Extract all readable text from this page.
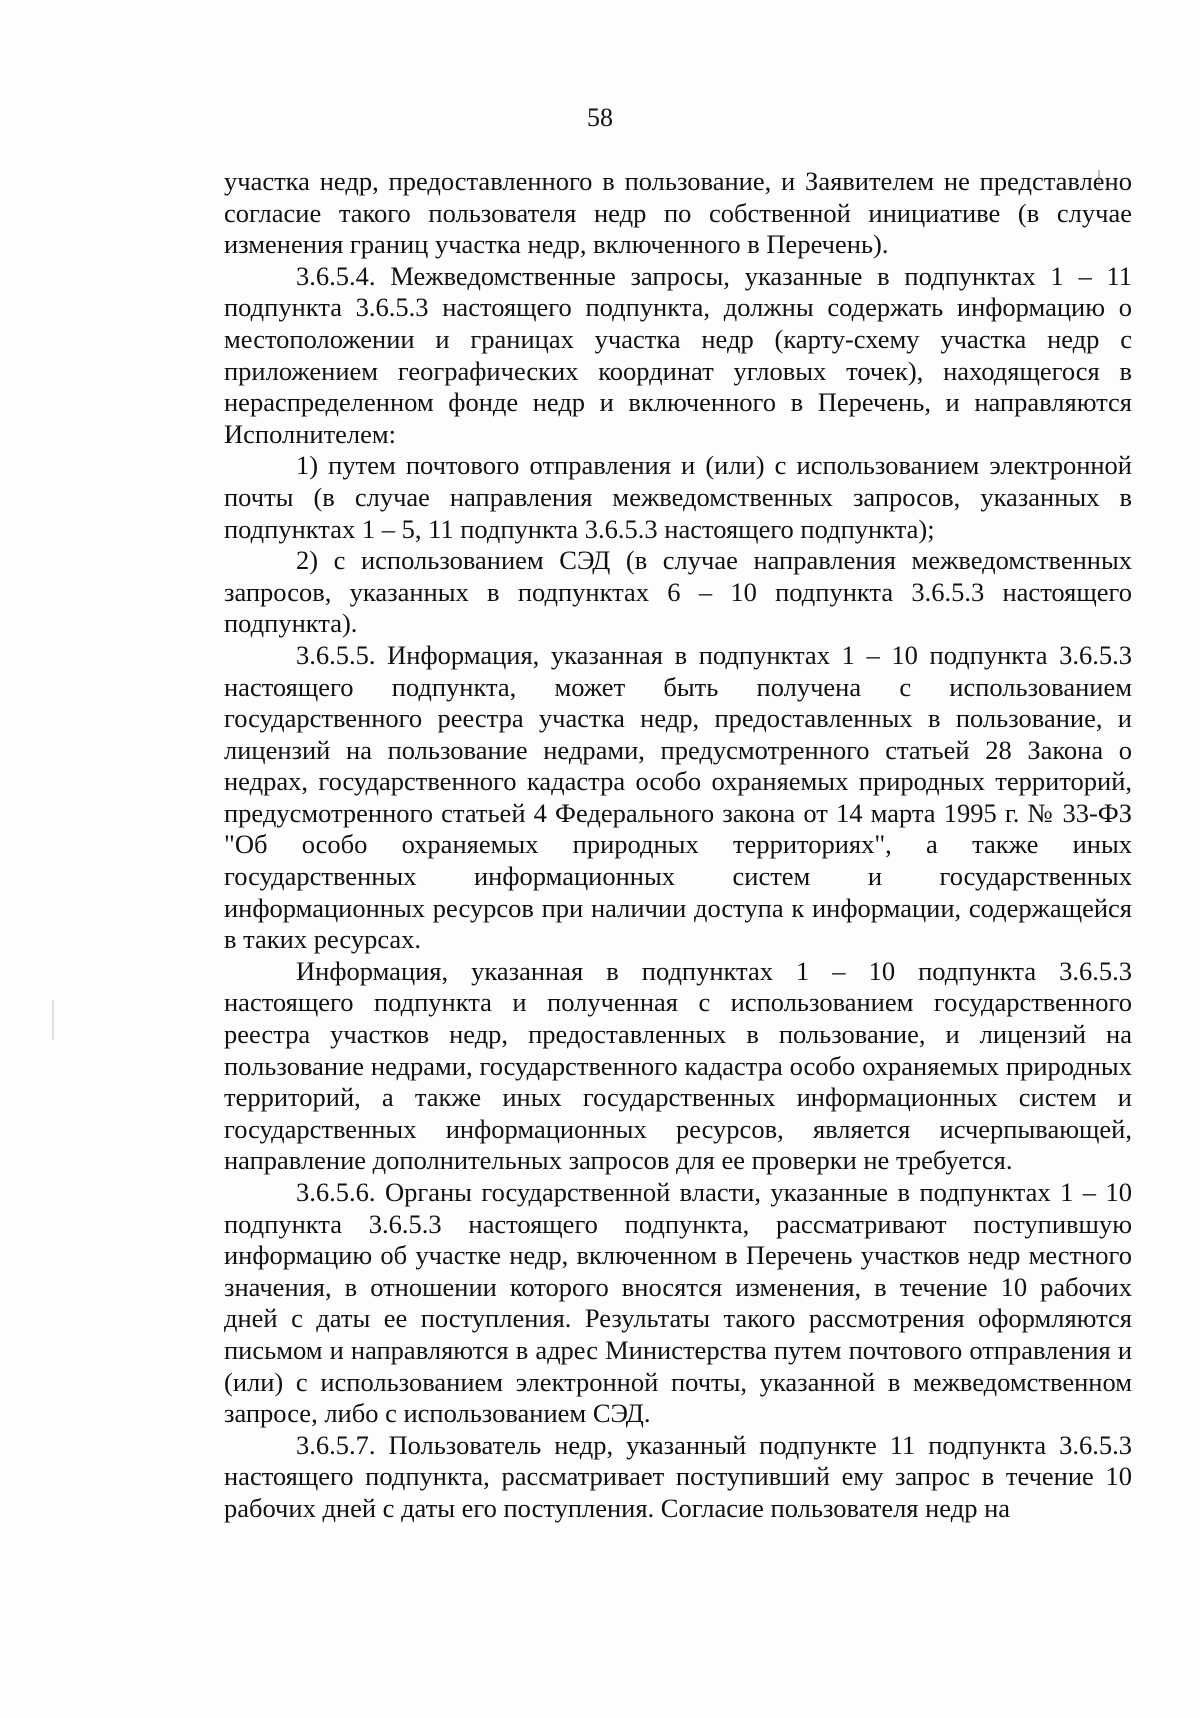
58

участка недр, предоставленного в пользование, и Заявителем не представлено согласие такого пользователя недр по собственной инициативе (в случае изменения границ участка недр, включенного в Перечень).

3.6.5.4. Межведомственные запросы, указанные в подпунктах 1 – 11 подпункта 3.6.5.3 настоящего подпункта, должны содержать информацию о местоположении и границах участка недр (карту-схему участка недр с приложением географических координат угловых точек), находящегося в нераспределенном фонде недр и включенного в Перечень, и направляются Исполнителем:

1) путем почтового отправления и (или) с использованием электронной почты (в случае направления межведомственных запросов, указанных в подпунктах 1 – 5, 11 подпункта 3.6.5.3 настоящего подпункта);

2) с использованием СЭД (в случае направления межведомственных запросов, указанных в подпунктах 6 – 10 подпункта 3.6.5.3 настоящего подпункта).

3.6.5.5. Информация, указанная в подпунктах 1 – 10 подпункта 3.6.5.3 настоящего подпункта, может быть получена с использованием государственного реестра участка недр, предоставленных в пользование, и лицензий на пользование недрами, предусмотренного статьей 28 Закона о недрах, государственного кадастра особо охраняемых природных территорий, предусмотренного статьей 4 Федерального закона от 14 марта 1995 г. № 33-ФЗ "Об особо охраняемых природных территориях", а также иных государственных информационных систем и государственных информационных ресурсов при наличии доступа к информации, содержащейся в таких ресурсах.

Информация, указанная в подпунктах 1 – 10 подпункта 3.6.5.3 настоящего подпункта и полученная с использованием государственного реестра участков недр, предоставленных в пользование, и лицензий на пользование недрами, государственного кадастра особо охраняемых природных территорий, а также иных государственных информационных систем и государственных информационных ресурсов, является исчерпывающей, направление дополнительных запросов для ее проверки не требуется.

3.6.5.6. Органы государственной власти, указанные в подпунктах 1 – 10 подпункта 3.6.5.3 настоящего подпункта, рассматривают поступившую информацию об участке недр, включенном в Перечень участков недр местного значения, в отношении которого вносятся изменения, в течение 10 рабочих дней с даты ее поступления. Результаты такого рассмотрения оформляются письмом и направляются в адрес Министерства путем почтового отправления и (или) с использованием электронной почты, указанной в межведомственном запросе, либо с использованием СЭД.

3.6.5.7. Пользователь недр, указанный подпункте 11 подпункта 3.6.5.3 настоящего подпункта, рассматривает поступивший ему запрос в течение 10 рабочих дней с даты его поступления. Согласие пользователя недр на
